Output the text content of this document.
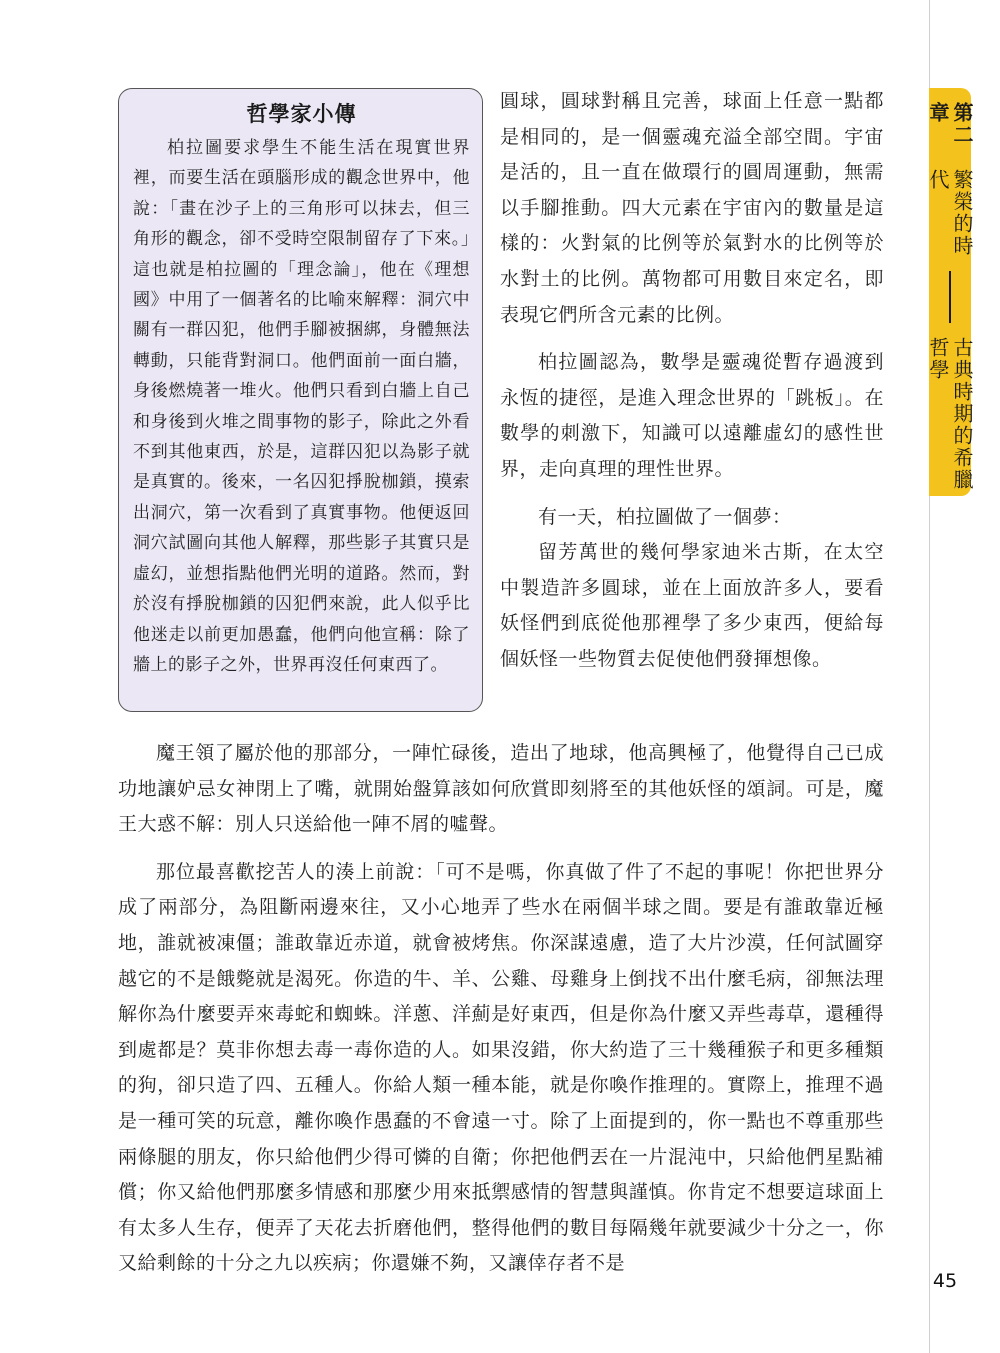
第二章
繁榮的時代
古典時期的希臘哲學
哲學家小傳

柏拉圖要求學生不能生活在現實世界裡，而要生活在頭腦形成的觀念世界中，他說：「畫在沙子上的三角形可以抹去，但三角形的觀念，卻不受時空限制留存了下來。」這也就是柏拉圖的「理念論」，他在《理想國》中用了一個著名的比喻來解釋：洞穴中關有一群囚犯，他們手腳被捆綁，身體無法轉動，只能背對洞口。他們面前一面白牆，身後燃燒著一堆火。他們只看到白牆上自己和身後到火堆之間事物的影子，除此之外看不到其他東西，於是，這群囚犯以為影子就是真實的。後來，一名囚犯掙脫枷鎖，摸索出洞穴，第一次看到了真實事物。他便返回洞穴試圖向其他人解釋，那些影子其實只是虛幻，並想指點他們光明的道路。然而，對於沒有掙脫枷鎖的囚犯們來說，此人似乎比他迷走以前更加愚蠢，他們向他宣稱：除了牆上的影子之外，世界再沒任何東西了。

圓球，圓球對稱且完善，球面上任意一點都是相同的，是一個靈魂充溢全部空間。宇宙是活的，且一直在做環行的圓周運動，無需以手腳推動。四大元素在宇宙內的數量是這樣的：火對氣的比例等於氣對水的比例等於水對土的比例。萬物都可用數目來定名，即表現它們所含元素的比例。

柏拉圖認為，數學是靈魂從暫存過渡到永恆的捷徑，是進入理念世界的「跳板」。在數學的刺激下，知識可以遠離虛幻的感性世界，走向真理的理性世界。

有一天，柏拉圖做了一個夢：

留芳萬世的幾何學家迪米古斯，在太空中製造許多圓球，並在上面放許多人，要看妖怪們到底從他那裡學了多少東西，便給每個妖怪一些物質去促使他們發揮想像。

魔王領了屬於他的那部分，一陣忙碌後，造出了地球，他高興極了，他覺得自己已成功地讓妒忌女神閉上了嘴，就開始盤算該如何欣賞即刻將至的其他妖怪的頌詞。可是，魔王大惑不解：別人只送給他一陣不屑的噓聲。

那位最喜歡挖苦人的湊上前說：「可不是嗎，你真做了件了不起的事呢！你把世界分成了兩部分，為阻斷兩邊來往，又小心地弄了些水在兩個半球之間。要是有誰敢靠近極地，誰就被凍僵；誰敢靠近赤道，就會被烤焦。你深謀遠慮，造了大片沙漠，任何試圖穿越它的不是餓斃就是渴死。你造的牛、羊、公雞、母雞身上倒找不出什麼毛病，卻無法理解你為什麼要弄來毒蛇和蜘蛛。洋蔥、洋薊是好東西，但是你為什麼又弄些毒草，還種得到處都是？莫非你想去毒一毒你造的人。如果沒錯，你大約造了三十幾種猴子和更多種類的狗，卻只造了四、五種人。你給人類一種本能，就是你喚作推理的。實際上，推理不過是一種可笑的玩意，離你喚作愚蠢的不會遠一寸。除了上面提到的，你一點也不尊重那些兩條腿的朋友，你只給他們少得可憐的自衛；你把他們丟在一片混沌中，只給他們星點補償；你又給他們那麼多情感和那麼少用來抵禦感情的智慧與謹慎。你肯定不想要這球面上有太多人生存，便弄了天花去折磨他們，整得他們的數目每隔幾年就要減少十分之一，你又給剩餘的十分之九以疾病；你還嫌不夠，又讓倖存者不是

45
